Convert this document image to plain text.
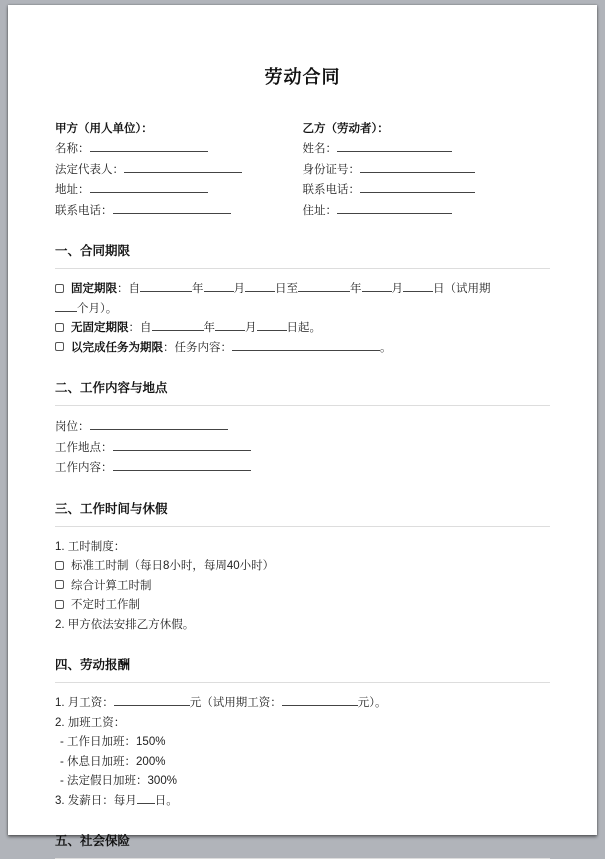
劳动合同
甲方（用人单位）：
名称：
法定代表人：
地址：
联系电话：
乙方（劳动者）：
姓名：
身份证号：
联系电话：
住址：
一、合同期限
固定期限：自	年	月	日至	年	月	日（试用期
个月）。
无固定期限：自	年	月	日起。
以完成任务为期限：任务内容：	。
二、工作内容与地点
岗位：
工作地点：
工作内容：
三、工作时间与休假
1. 工时制度：
标准工时制（每日8小时，每周40小时）
综合计算工时制
不定时工作制
2. 甲方依法安排乙方休假。
四、劳动报酬
1. 月工资：	元（试用期工资：	元）。
2. 加班工资：
- 工作日加班：150%
- 休息日加班：200%
- 法定假日加班：300%
3. 发薪日：每月 日。
五、社会保险
